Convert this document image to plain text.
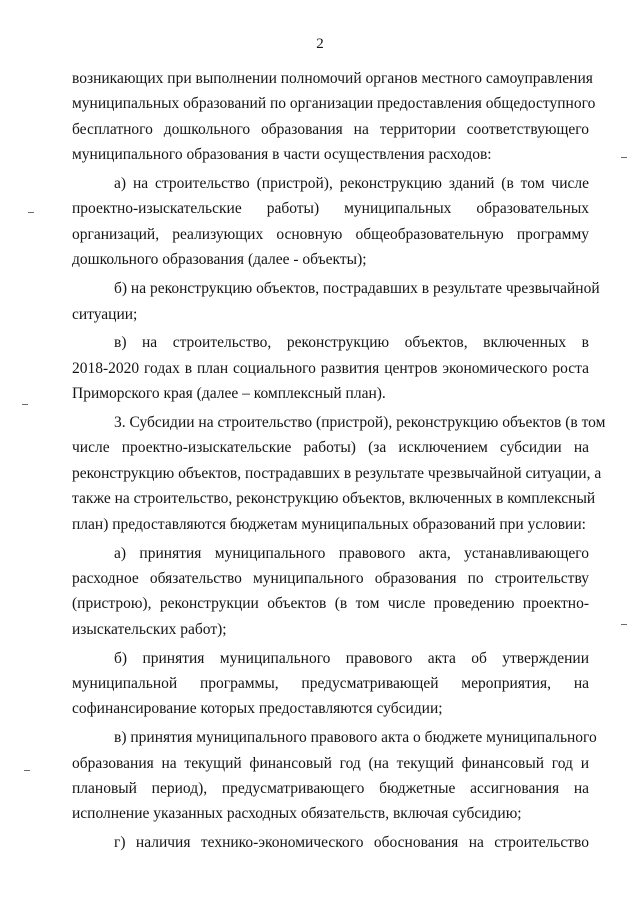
2
возникающих при выполнении полномочий органов местного самоуправления
муниципальных образований по организации предоставления общедоступного
бесплатного дошкольного образования на территории соответствующего
муниципального образования в части осуществления расходов:
а) на строительство (пристрой), реконструкцию зданий (в том числе
проектно-изыскательские работы) муниципальных образовательных
организаций, реализующих основную общеобразовательную программу
дошкольного образования (далее - объекты);
б) на реконструкцию объектов, пострадавших в результате чрезвычайной
ситуации;
в) на строительство, реконструкцию объектов, включенных в
2018-2020 годах в план социального развития центров экономического роста
Приморского края (далее – комплексный план).
3. Субсидии на строительство (пристрой), реконструкцию объектов (в том
числе проектно-изыскательские работы) (за исключением субсидии на
реконструкцию объектов, пострадавших в результате чрезвычайной ситуации, а
также на строительство, реконструкцию объектов, включенных в комплексный
план) предоставляются бюджетам муниципальных образований при условии:
а) принятия муниципального правового акта, устанавливающего
расходное обязательство муниципального образования по строительству
(пристрою), реконструкции объектов (в том числе проведению проектно-
изыскательских работ);
б) принятия муниципального правового акта об утверждении
муниципальной программы, предусматривающей мероприятия, на
софинансирование которых предоставляются субсидии;
в) принятия муниципального правового акта о бюджете муниципального
образования на текущий финансовый год (на текущий финансовый год и
плановый период), предусматривающего бюджетные ассигнования на
исполнение указанных расходных обязательств, включая субсидию;
г) наличия технико-экономического обоснования на строительство
